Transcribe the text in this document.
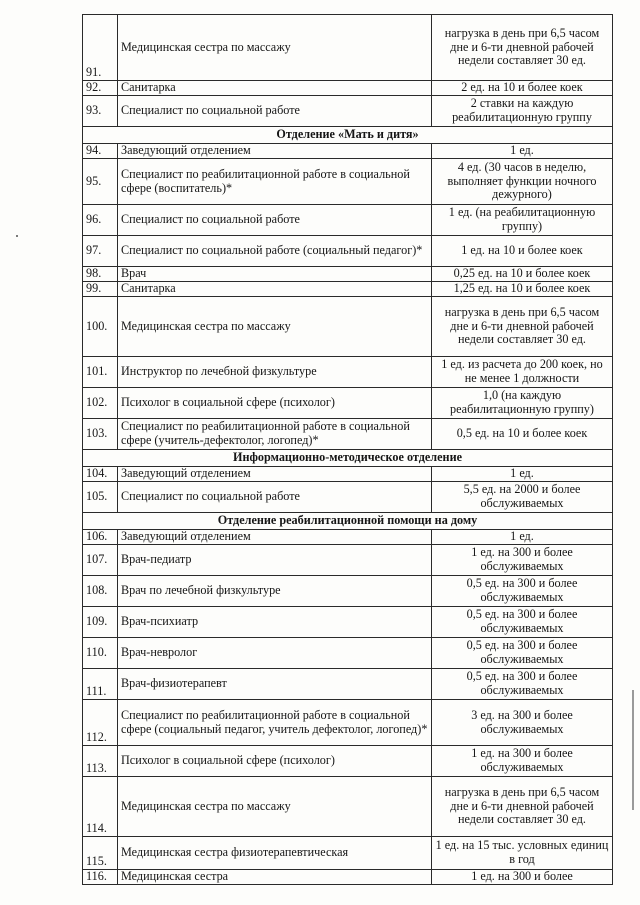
91.	Медицинская сестра по массажу	нагрузка в день при 6,5 часом дне и 6-ти дневной рабочей недели составляет 30 ед.
92.	Санитарка	2 ед. на 10 и более коек
93.	Специалист по социальной работе	2 ставки на каждую реабилитационную группу
Отделение «Мать и дитя»		
94.	Заведующий отделением	1 ед.
95.	Специалист по реабилитационной работе в социальной сфере (воспитатель)*	4 ед. (30 часов в неделю, выполняет функции ночного дежурного)
96.	Специалист по социальной работе	1 ед. (на реабилитационную группу)
97.	Специалист по социальной работе (социальный педагог)*	1 ед. на 10 и более коек
98.	Врач	0,25 ед. на 10 и более коек
99.	Санитарка	1,25 ед. на 10 и более коек
100.	Медицинская сестра по массажу	нагрузка в день при 6,5 часом дне и 6-ти дневной рабочей недели составляет 30 ед.
101.	Инструктор по лечебной физкультуре	1 ед. из расчета до 200 коек, но не менее 1 должности
102.	Психолог в социальной сфере (психолог)	1,0 (на каждую реабилитационную группу)
103.	Специалист по реабилитационной работе в социальной сфере (учитель-дефектолог, логопед)*	0,5 ед. на 10 и более коек
Информационно-методическое отделение		
104.	Заведующий отделением	1 ед.
105.	Специалист по социальной работе	5,5 ед. на 2000 и более обслуживаемых
Отделение реабилитационной помощи на дому		
106.	Заведующий отделением	1 ед.
107.	Врач-педиатр	1 ед. на 300 и более обслуживаемых
108.	Врач по лечебной физкультуре	0,5 ед. на 300 и более обслуживаемых
109.	Врач-психиатр	0,5 ед. на 300 и более обслуживаемых
110.	Врач-невролог	0,5 ед. на 300 и более обслуживаемых
111.	Врач-физиотерапевт	0,5 ед. на 300 и более обслуживаемых
112.	Специалист по реабилитационной работе в социальной сфере (социальный педагог, учитель дефектолог, логопед)*	3 ед. на 300 и более обслуживаемых
113.	Психолог в социальной сфере (психолог)	1 ед. на 300 и более обслуживаемых
114.	Медицинская сестра по массажу	нагрузка в день при 6,5 часом дне и 6-ти дневной рабочей недели составляет 30 ед.
115.	Медицинская сестра физиотерапевтическая	1 ед. на 15 тыс. условных единиц в год
116.	Медицинская сестра	1 ед. на 300 и более
